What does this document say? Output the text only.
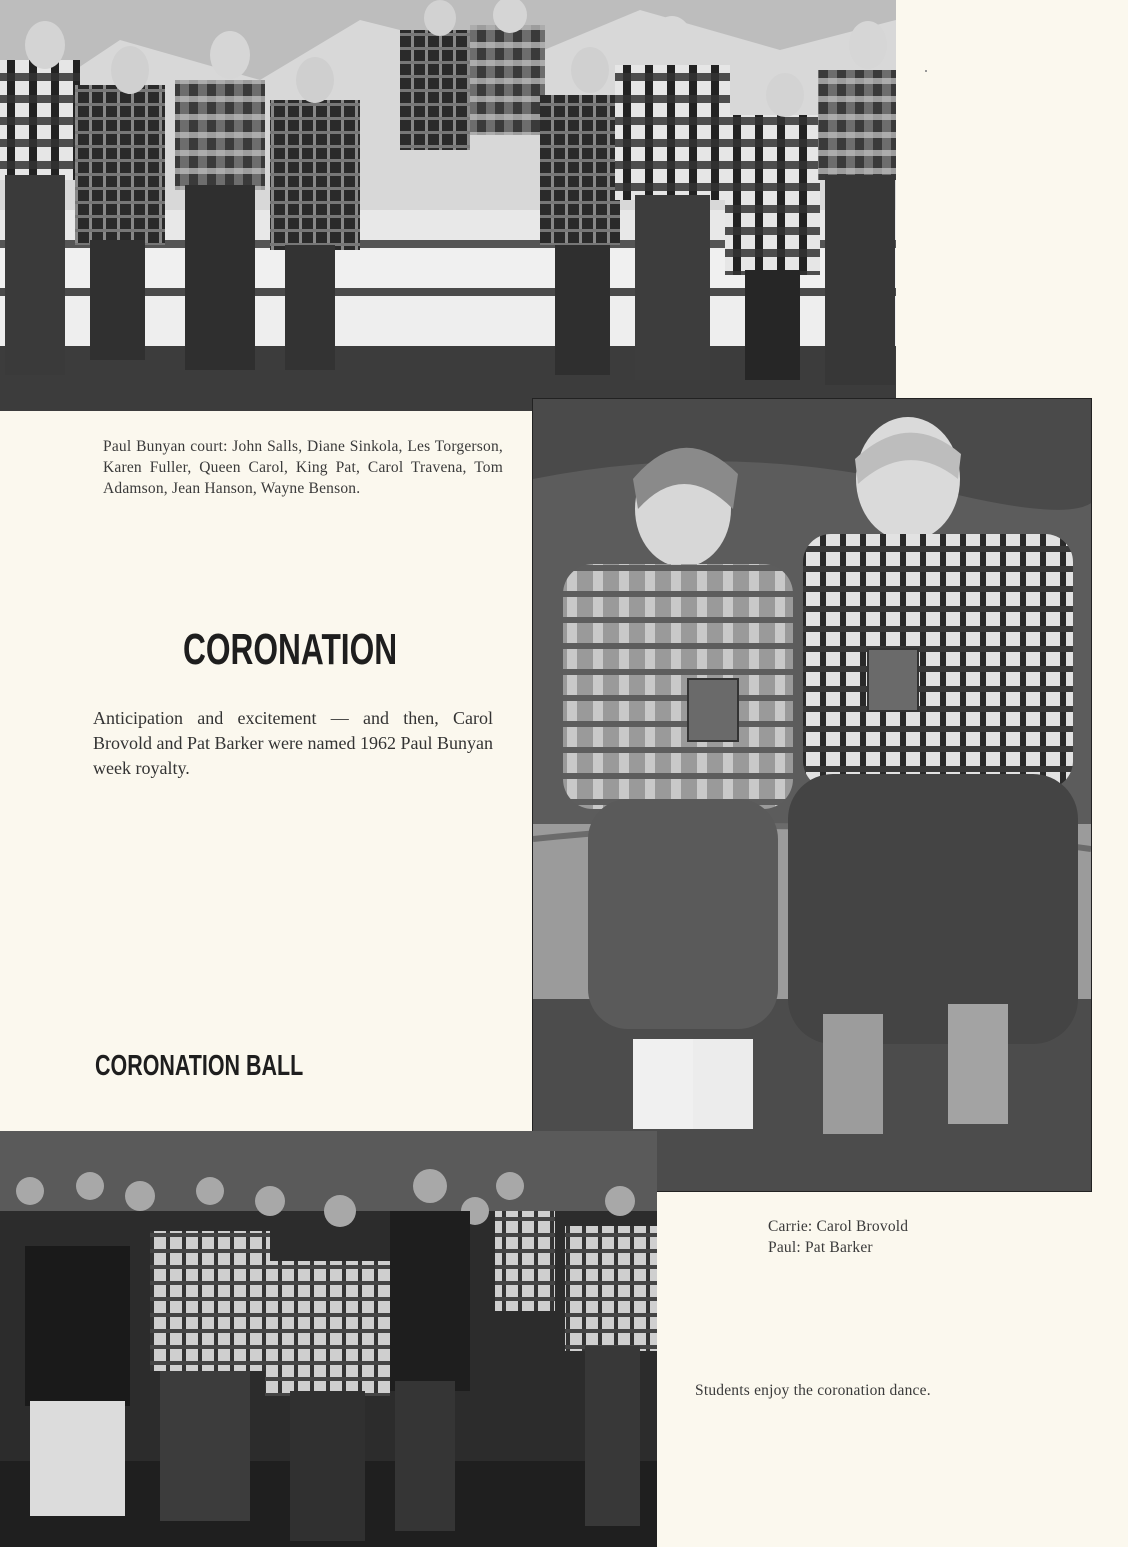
Paul Bunyan court: John Salls, Diane Sinkola, Les Torgerson, Karen Fuller, Queen Carol, King Pat, Carol Travena, Tom Adamson, Jean Hanson, Wayne Benson.

CORONATION

Anticipation and excitement — and then, Carol Brovold and Pat Barker were named 1962 Paul Bunyan week royalty.

CORONATION BALL

Carrie: Carol Brovold
Paul: Pat Barker

Students enjoy the coronation dance.
